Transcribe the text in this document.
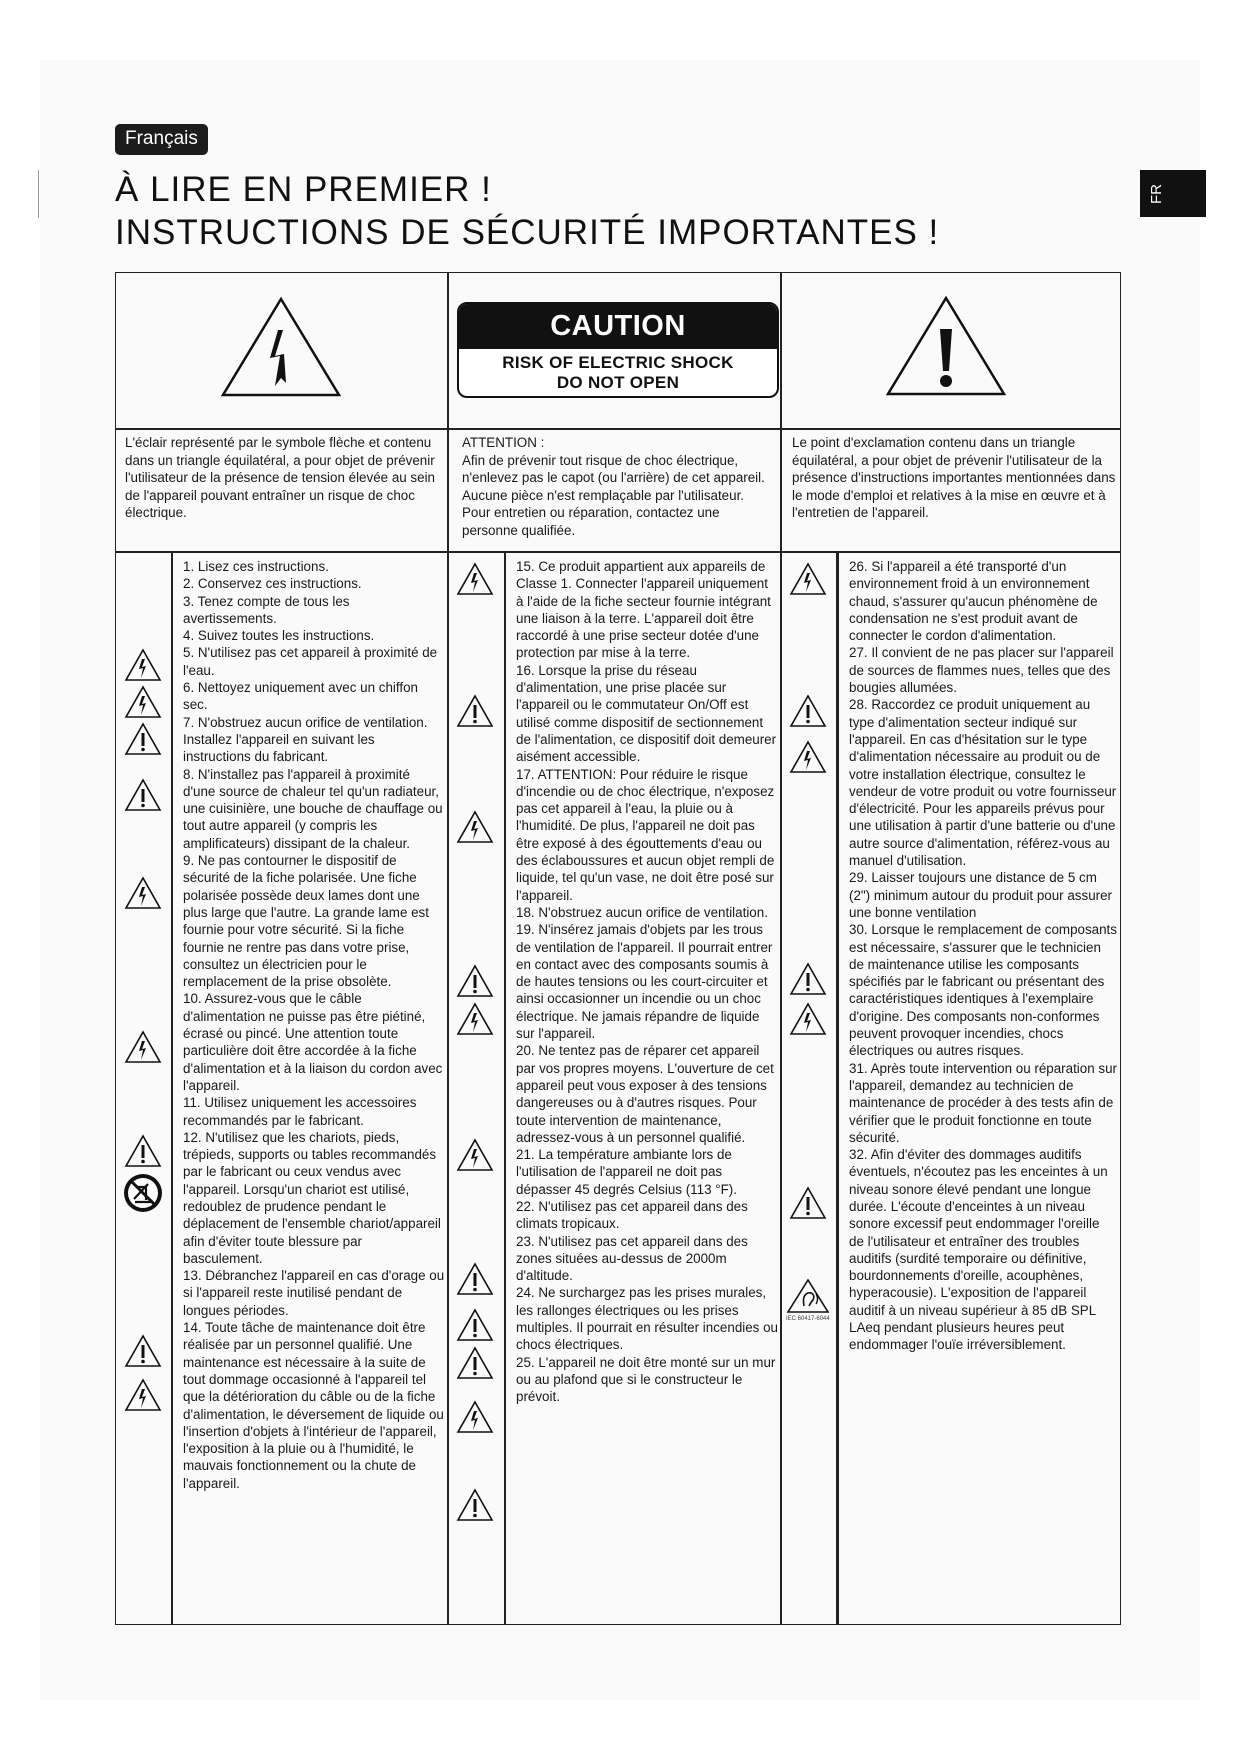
Français
À LIRE EN PREMIER !
INSTRUCTIONS DE SÉCURITÉ IMPORTANTES !
FR
CAUTION
RISK OF ELECTRIC SHOCK
DO NOT OPEN
L'éclair représenté par le symbole flèche et contenu dans un triangle équilatéral, a pour objet de prévenir l'utilisateur de la présence de tension élevée au sein de l'appareil pouvant entraîner un risque de choc électrique.
ATTENTION :
Afin de prévenir tout risque de choc électrique, n'enlevez pas le capot (ou l'arrière) de cet appareil. Aucune pièce n'est remplaçable par l'utilisateur. Pour entretien ou réparation, contactez une personne qualifiée.
Le point d'exclamation contenu dans un triangle équilatéral, a pour objet de prévenir l'utilisateur de la présence d'instructions importantes mentionnées dans le mode d'emploi et relatives à la mise en œuvre et à l'entretien de l'appareil.

1. Lisez ces instructions.

2. Conservez ces instructions.

3. Tenez compte de tous les avertissements.

4. Suivez toutes les instructions.

5. N'utilisez pas cet appareil à proximité de l'eau.

6. Nettoyez uniquement avec un chiffon sec.

7. N'obstruez aucun orifice de ventilation. Installez l'appareil en suivant les instructions du fabricant.

8. N'installez pas l'appareil à proximité d'une source de chaleur tel qu'un radiateur, une cuisinière, une bouche de chauffage ou tout autre appareil (y compris les amplificateurs) dissipant de la chaleur.

9. Ne pas contourner le dispositif de sécurité de la fiche polarisée. Une fiche polarisée possède deux lames dont une plus large que l'autre. La grande lame est fournie pour votre sécurité. Si la fiche fournie ne rentre pas dans votre prise, consultez un électricien pour le remplacement de la prise obsolète.

10. Assurez-vous que le câble d'alimentation ne puisse pas être piétiné, écrasé ou pincé. Une attention toute particulière doit être accordée à la fiche d'alimentation et à la liaison du cordon avec l'appareil.

11. Utilisez uniquement les accessoires recommandés par le fabricant.

12. N'utilisez que les chariots, pieds, trépieds, supports ou tables recommandés par le fabricant ou ceux vendus avec l'appareil. Lorsqu'un chariot est utilisé, redoublez de prudence pendant le déplacement de l'ensemble chariot/appareil afin d'éviter toute blessure par basculement.

13. Débranchez l'appareil en cas d'orage ou si l'appareil reste inutilisé pendant de longues périodes.

14. Toute tâche de maintenance doit être réalisée par un personnel qualifié. Une maintenance est nécessaire à la suite de tout dommage occasionné à l'appareil tel que la détérioration du câble ou de la fiche d'alimentation, le déversement de liquide ou l'insertion d'objets à l'intérieur de l'appareil, l'exposition à la pluie ou à l'humidité, le mauvais fonctionnement ou la chute de l'appareil.

15. Ce produit appartient aux appareils de Classe 1. Connecter l'appareil uniquement à l'aide de la fiche secteur fournie intégrant une liaison à la terre. L'appareil doit être raccordé à une prise secteur dotée d'une protection par mise à la terre.

16. Lorsque la prise du réseau d'alimentation, une prise placée sur l'appareil ou le commutateur On/Off est utilisé comme dispositif de sectionnement de l'alimentation, ce dispositif doit demeurer aisément accessible.

17. ATTENTION: Pour réduire le risque d'incendie ou de choc électrique, n'exposez pas cet appareil à l'eau, la pluie ou à l'humidité. De plus, l'appareil ne doit pas être exposé à des égouttements d'eau ou des éclaboussures et aucun objet rempli de liquide, tel qu'un vase, ne doit être posé sur l'appareil.

18. N'obstruez aucun orifice de ventilation.

19. N'insérez jamais d'objets par les trous de ventilation de l'appareil. Il pourrait entrer en contact avec des composants soumis à de hautes tensions ou les court-circuiter et ainsi occasionner un incendie ou un choc électrique. Ne jamais répandre de liquide sur l'appareil.

20. Ne tentez pas de réparer cet appareil par vos propres moyens. L'ouverture de cet appareil peut vous exposer à des tensions dangereuses ou à d'autres risques. Pour toute intervention de maintenance, adressez-vous à un personnel qualifié.

21. La température ambiante lors de l'utilisation de l'appareil ne doit pas dépasser 45 degrés Celsius (113 °F).

22. N'utilisez pas cet appareil dans des climats tropicaux.

23. N'utilisez pas cet appareil dans des zones situées au-dessus de 2000m d'altitude.

24. Ne surchargez pas les prises murales, les rallonges électriques ou les prises multiples. Il pourrait en résulter incendies ou chocs électriques.

25. L'appareil ne doit être monté sur un mur ou au plafond que si le constructeur le prévoit.

26. Si l'appareil a été transporté d'un environnement froid à un environnement chaud, s'assurer qu'aucun phénomène de condensation ne s'est produit avant de connecter le cordon d'alimentation.

27. Il convient de ne pas placer sur l'appareil de sources de flammes nues, telles que des bougies allumées.

28. Raccordez ce produit uniquement au type d'alimentation secteur indiqué sur l'appareil. En cas d'hésitation sur le type d'alimentation nécessaire au produit ou de votre installation électrique, consultez le vendeur de votre produit ou votre fournisseur d'électricité. Pour les appareils prévus pour une utilisation à partir d'une batterie ou d'une autre source d'alimentation, référez-vous au manuel d'utilisation.

29. Laisser toujours une distance de 5 cm (2") minimum autour du produit pour assurer une bonne ventilation

30. Lorsque le remplacement de composants est nécessaire, s'assurer que le technicien de maintenance utilise les composants spécifiés par le fabricant ou présentant des caractéristiques identiques à l'exemplaire d'origine. Des composants non-conformes peuvent provoquer incendies, chocs électriques ou autres risques.

31. Après toute intervention ou réparation sur l'appareil, demandez au technicien de maintenance de procéder à des tests afin de vérifier que le produit fonctionne en toute sécurité.

32. Afin d'éviter des dommages auditifs éventuels, n'écoutez pas les enceintes à un niveau sonore élevé pendant une longue durée. L'écoute d'enceintes à un niveau sonore excessif peut endommager l'oreille de l'utilisateur et entraîner des troubles auditifs (surdité temporaire ou définitive, bourdonnements d'oreille, acouphènes, hyperacousie). L'exposition de l'appareil auditif à un niveau supérieur à 85 dB SPL LAeq pendant plusieurs heures peut endommager l'ouïe irréversiblement.

IEC 60417-6044
